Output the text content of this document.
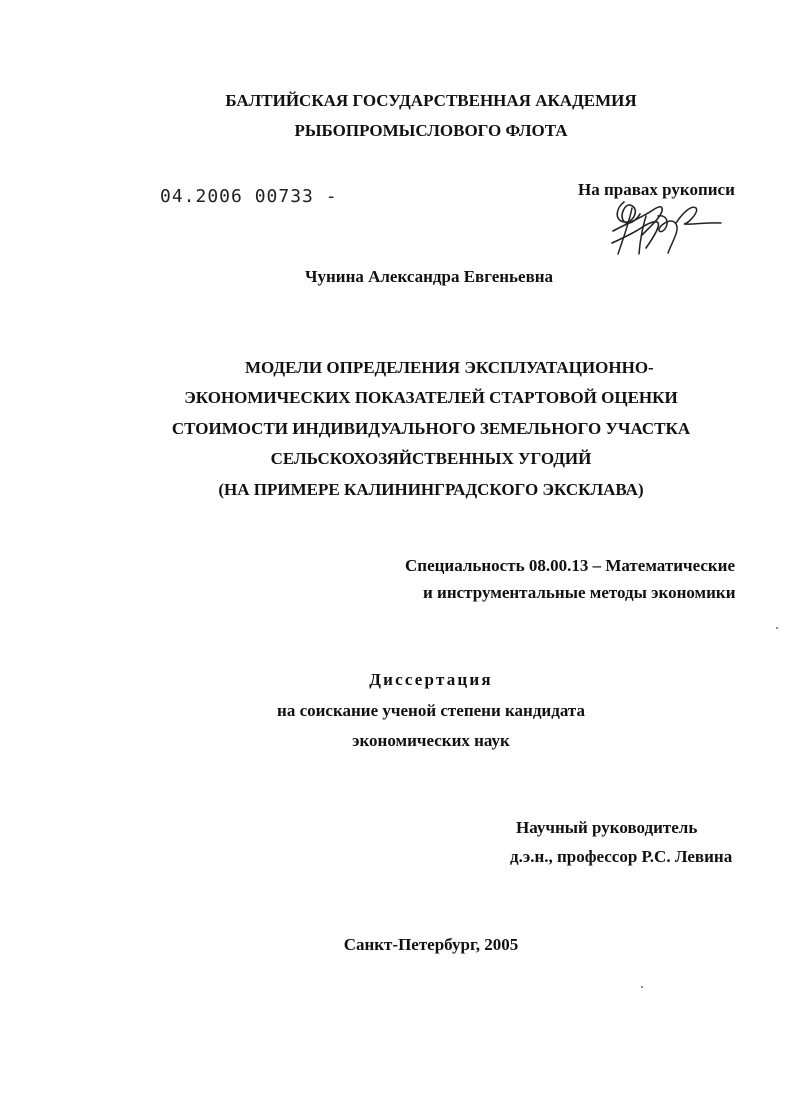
БАЛТИЙСКАЯ ГОСУДАРСТВЕННАЯ АКАДЕМИЯ
РЫБОПРОМЫСЛОВОГО ФЛОТА
04.2006 00733 -	На правах рукописи
Чунина Александра Евгеньевна
МОДЕЛИ ОПРЕДЕЛЕНИЯ ЭКСПЛУАТАЦИОННО-
ЭКОНОМИЧЕСКИХ ПОКАЗАТЕЛЕЙ СТАРТОВОЙ ОЦЕНКИ
СТОИМОСТИ ИНДИВИДУАЛЬНОГО ЗЕМЕЛЬНОГО УЧАСТКА
СЕЛЬСКОХОЗЯЙСТВЕННЫХ УГОДИЙ
(НА ПРИМЕРЕ КАЛИНИНГРАДСКОГО ЭКСКЛАВА)
Специальность 08.00.13 – Математические
и инструментальные методы экономики
Диссертация
на соискание ученой степени кандидата
экономических наук
Научный руководитель
д.э.н., профессор Р.С. Левина
Санкт-Петербург, 2005
